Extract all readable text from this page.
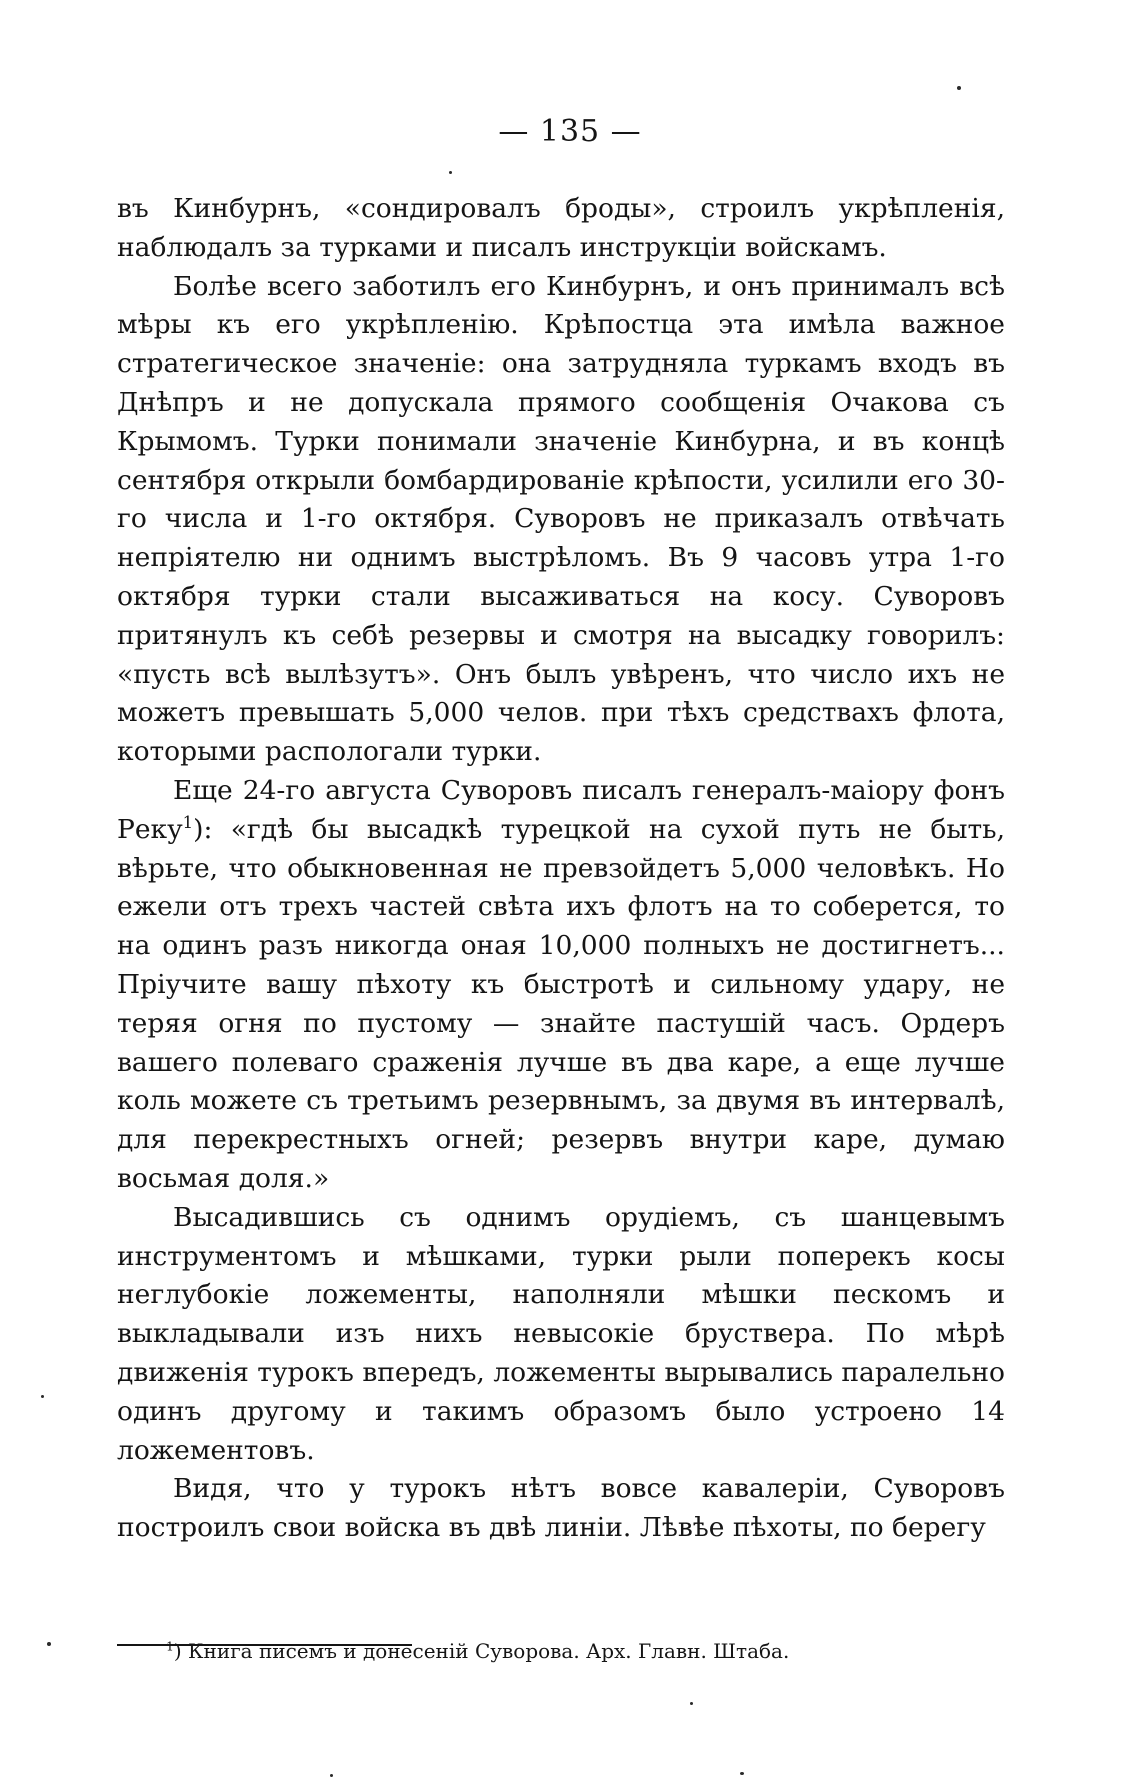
— 135 —

въ Кинбурнъ, «сондировалъ броды», строилъ укрѣпленія, наблюдалъ за турками и писалъ инструкціи войскамъ.

Болѣе всего заботилъ его Кинбурнъ, и онъ принималъ всѣ мѣры къ его укрѣпленію. Крѣпостца эта имѣла важное стратегическое значеніе: она затрудняла туркамъ входъ въ Днѣпръ и не допускала прямого сообщенія Очакова съ Крымомъ. Турки понимали значеніе Кинбурна, и въ концѣ сентября открыли бомбардированіе крѣпости, усилили его 30-го числа и 1-го октября. Суворовъ не приказалъ отвѣчать непріятелю ни однимъ выстрѣломъ. Въ 9 часовъ утра 1-го октября турки стали высаживаться на косу. Суворовъ притянулъ къ себѣ резервы и смотря на высадку говорилъ: «пусть всѣ вылѣзутъ». Онъ былъ увѣренъ, что число ихъ не можетъ превышать 5,000 челов. при тѣхъ средствахъ флота, которыми распологали турки.

Еще 24-го августа Суворовъ писалъ генералъ-маіору фонъ Реку$^1$): «гдѣ бы высадкѣ турецкой на сухой путь не быть, вѣрьте, что обыкновенная не превзойдетъ 5,000 человѣкъ. Но ежели отъ трехъ частей свѣта ихъ флотъ на то соберется, то на одинъ разъ никогда оная 10,000 полныхъ не достигнетъ... Пріучите вашу пѣхоту къ быстротѣ и сильному удару, не теряя огня по пустому — знайте пастушій часъ. Ордеръ вашего полеваго сраженія лучше въ два каре, а еще лучше коль можете съ третьимъ резервнымъ, за двумя въ интервалѣ, для перекрестныхъ огней; резервъ внутри каре, думаю восьмая доля.»

Высадившись съ однимъ орудіемъ, съ шанцевымъ инструментомъ и мѣшками, турки рыли поперекъ косы неглубокіе ложементы, наполняли мѣшки пескомъ и выкладывали изъ нихъ невысокіе бруствера. По мѣрѣ движенія турокъ впередъ, ложементы вырывались паралельно одинъ другому и такимъ образомъ было устроено 14 ложементовъ.

Видя, что у турокъ нѣтъ вовсе кавалеріи, Суворовъ построилъ свои войска въ двѣ линіи. Лѣвѣе пѣхоты, по берегу

$^1$) Книга писемъ и донесеній Суворова. Арх. Главн. Штаба.
